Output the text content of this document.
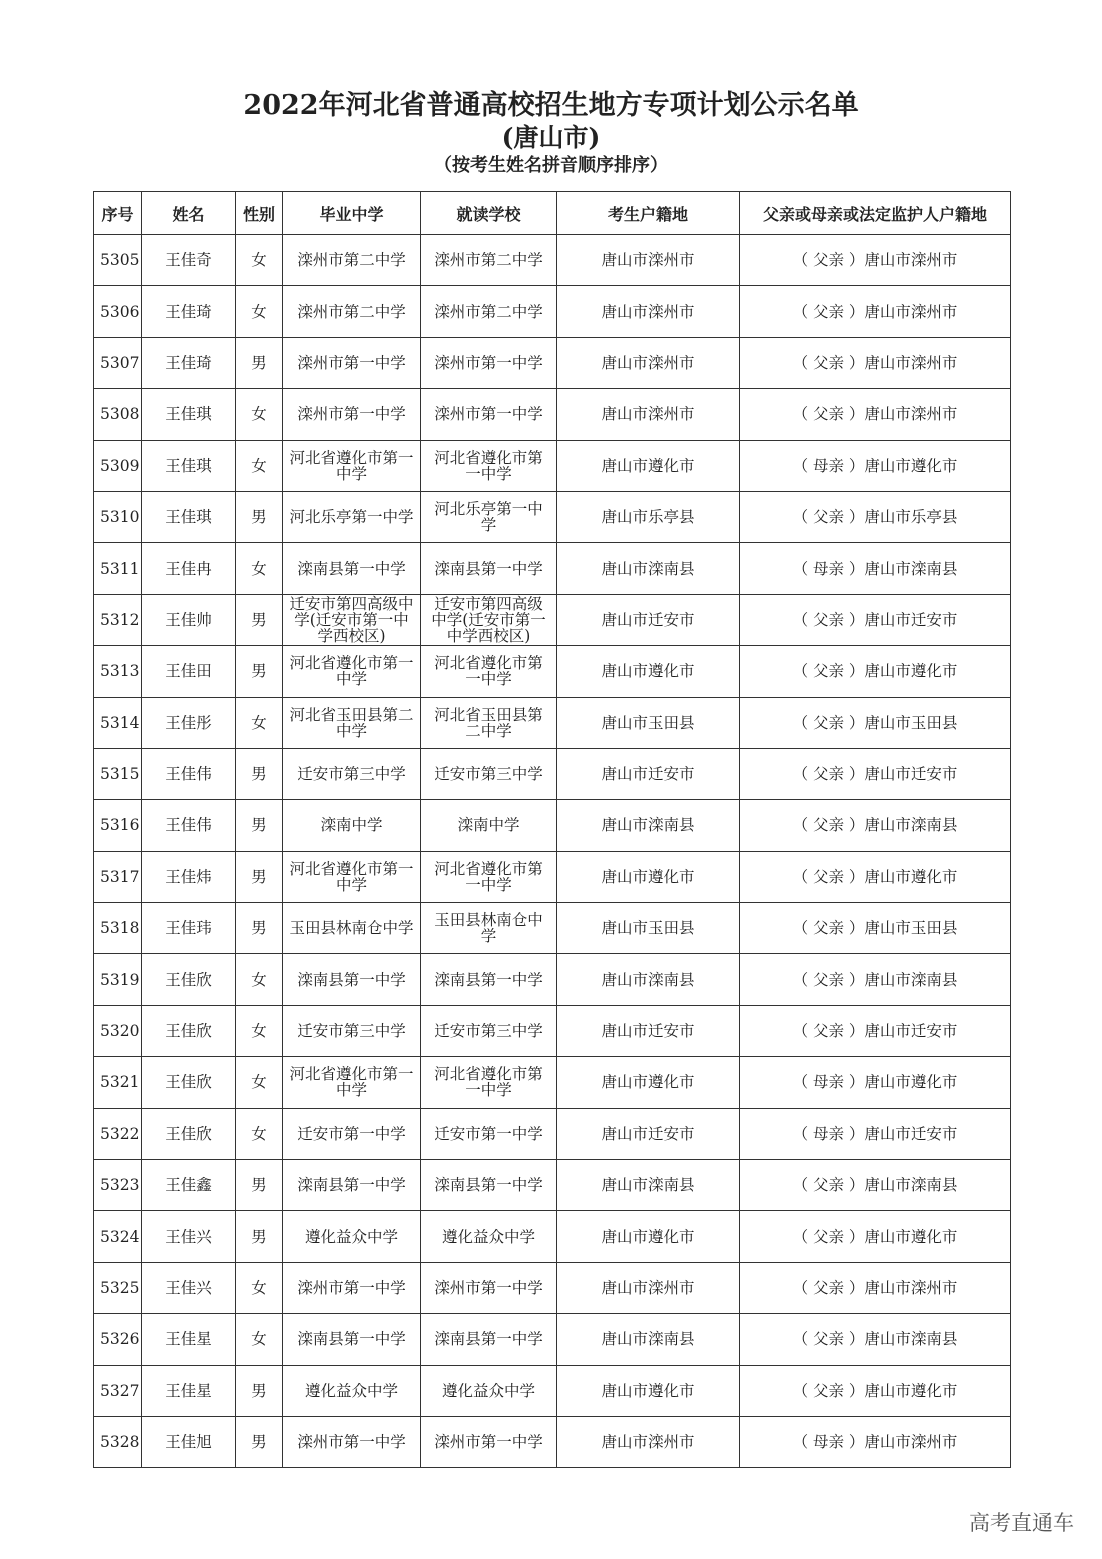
2022年河北省普通高校招生地方专项计划公示名单
(唐山市)
（按考生姓名拼音顺序排序）
序号	姓名	性别	毕业中学	就读学校	考生户籍地	父亲或母亲或法定监护人户籍地
5305	王佳奇	女	滦州市第二中学	滦州市第二中学	唐山市滦州市	（ 父亲 ）唐山市滦州市
5306	王佳琦	女	滦州市第二中学	滦州市第二中学	唐山市滦州市	（ 父亲 ）唐山市滦州市
5307	王佳琦	男	滦州市第一中学	滦州市第一中学	唐山市滦州市	（ 父亲 ）唐山市滦州市
5308	王佳琪	女	滦州市第一中学	滦州市第一中学	唐山市滦州市	（ 父亲 ）唐山市滦州市
5309	王佳琪	女	河北省遵化市第一中学	河北省遵化市第一中学	唐山市遵化市	（ 母亲 ）唐山市遵化市
5310	王佳琪	男	河北乐亭第一中学	河北乐亭第一中学	唐山市乐亭县	（ 父亲 ）唐山市乐亭县
5311	王佳冉	女	滦南县第一中学	滦南县第一中学	唐山市滦南县	（ 母亲 ）唐山市滦南县
5312	王佳帅	男	迁安市第四高级中学(迁安市第一中学西校区)	迁安市第四高级中学(迁安市第一中学西校区)	唐山市迁安市	（ 父亲 ）唐山市迁安市
5313	王佳田	男	河北省遵化市第一中学	河北省遵化市第一中学	唐山市遵化市	（ 父亲 ）唐山市遵化市
5314	王佳彤	女	河北省玉田县第二中学	河北省玉田县第二中学	唐山市玉田县	（ 父亲 ）唐山市玉田县
5315	王佳伟	男	迁安市第三中学	迁安市第三中学	唐山市迁安市	（ 父亲 ）唐山市迁安市
5316	王佳伟	男	滦南中学	滦南中学	唐山市滦南县	（ 父亲 ）唐山市滦南县
5317	王佳炜	男	河北省遵化市第一中学	河北省遵化市第一中学	唐山市遵化市	（ 父亲 ）唐山市遵化市
5318	王佳玮	男	玉田县林南仓中学	玉田县林南仓中学	唐山市玉田县	（ 父亲 ）唐山市玉田县
5319	王佳欣	女	滦南县第一中学	滦南县第一中学	唐山市滦南县	（ 父亲 ）唐山市滦南县
5320	王佳欣	女	迁安市第三中学	迁安市第三中学	唐山市迁安市	（ 父亲 ）唐山市迁安市
5321	王佳欣	女	河北省遵化市第一中学	河北省遵化市第一中学	唐山市遵化市	（ 母亲 ）唐山市遵化市
5322	王佳欣	女	迁安市第一中学	迁安市第一中学	唐山市迁安市	（ 母亲 ）唐山市迁安市
5323	王佳鑫	男	滦南县第一中学	滦南县第一中学	唐山市滦南县	（ 父亲 ）唐山市滦南县
5324	王佳兴	男	遵化益众中学	遵化益众中学	唐山市遵化市	（ 父亲 ）唐山市遵化市
5325	王佳兴	女	滦州市第一中学	滦州市第一中学	唐山市滦州市	（ 父亲 ）唐山市滦州市
5326	王佳星	女	滦南县第一中学	滦南县第一中学	唐山市滦南县	（ 父亲 ）唐山市滦南县
5327	王佳星	男	遵化益众中学	遵化益众中学	唐山市遵化市	（ 父亲 ）唐山市遵化市
5328	王佳旭	男	滦州市第一中学	滦州市第一中学	唐山市滦州市	（ 母亲 ）唐山市滦州市
高考直通车
